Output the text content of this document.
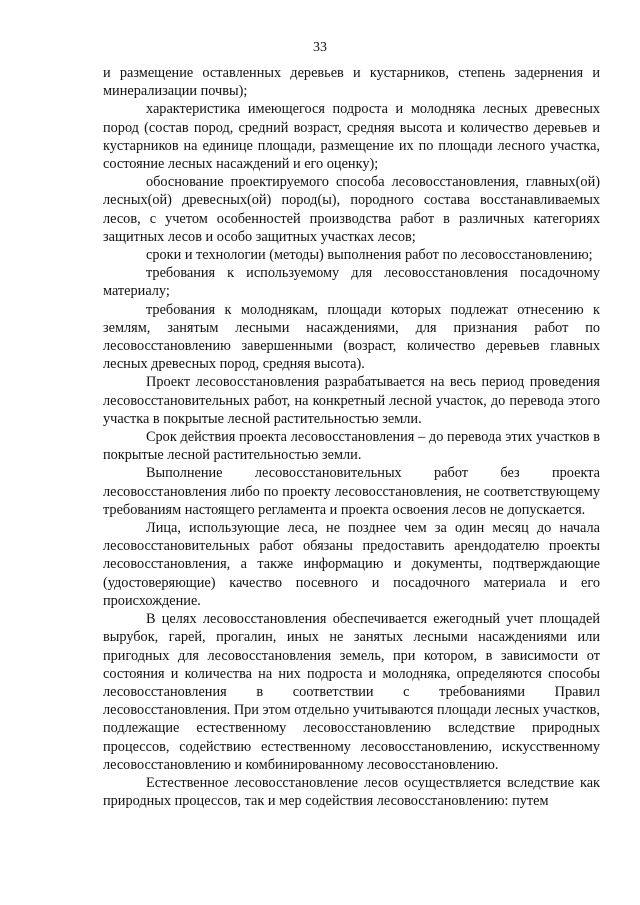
33

и размещение оставленных деревьев и кустарников, степень задернения и минерализации почвы);

характеристика имеющегося подроста и молодняка лесных древесных пород (состав пород, средний возраст, средняя высота и количество деревьев и кустарников на единице площади, размещение их по площади лесного участка, состояние лесных насаждений и его оценку);

обоснование проектируемого способа лесовосстановления, главных(ой) лесных(ой) древесных(ой) пород(ы), породного состава восстанавливаемых лесов, с учетом особенностей производства работ в различных категориях защитных лесов и особо защитных участках лесов;

сроки и технологии (методы) выполнения работ по лесовосстановлению;

требования к используемому для лесовосстановления посадочному материалу;

требования к молоднякам, площади которых подлежат отнесению к землям, занятым лесными насаждениями, для признания работ по лесовосстановлению завершенными (возраст, количество деревьев главных лесных древесных пород, средняя высота).

Проект лесовосстановления разрабатывается на весь период проведения лесовосстановительных работ, на конкретный лесной участок, до перевода этого участка в покрытые лесной растительностью земли.

Срок действия проекта лесовосстановления – до перевода этих участков в покрытые лесной растительностью земли.

Выполнение лесовосстановительных работ без проекта лесовосстановления либо по проекту лесовосстановления, не соответствующему требованиям настоящего регламента и проекта освоения лесов не допускается.

Лица, использующие леса, не позднее чем за один месяц до начала лесовосстановительных работ обязаны предоставить арендодателю проекты лесовосстановления, а также информацию и документы, подтверждающие (удостоверяющие) качество посевного и посадочного материала и его происхождение.

В целях лесовосстановления обеспечивается ежегодный учет площадей вырубок, гарей, прогалин, иных не занятых лесными насаждениями или пригодных для лесовосстановления земель, при котором, в зависимости от состояния и количества на них подроста и молодняка, определяются способы лесовосстановления в соответствии с требованиями Правил лесовосстановления. При этом отдельно учитываются площади лесных участков, подлежащие естественному лесовосстановлению вследствие природных процессов, содействию естественному лесовосстановлению, искусственному лесовосстановлению и комбинированному лесовосстановлению.

Естественное лесовосстановление лесов осуществляется вследствие как природных процессов, так и мер содействия лесовосстановлению: путем
